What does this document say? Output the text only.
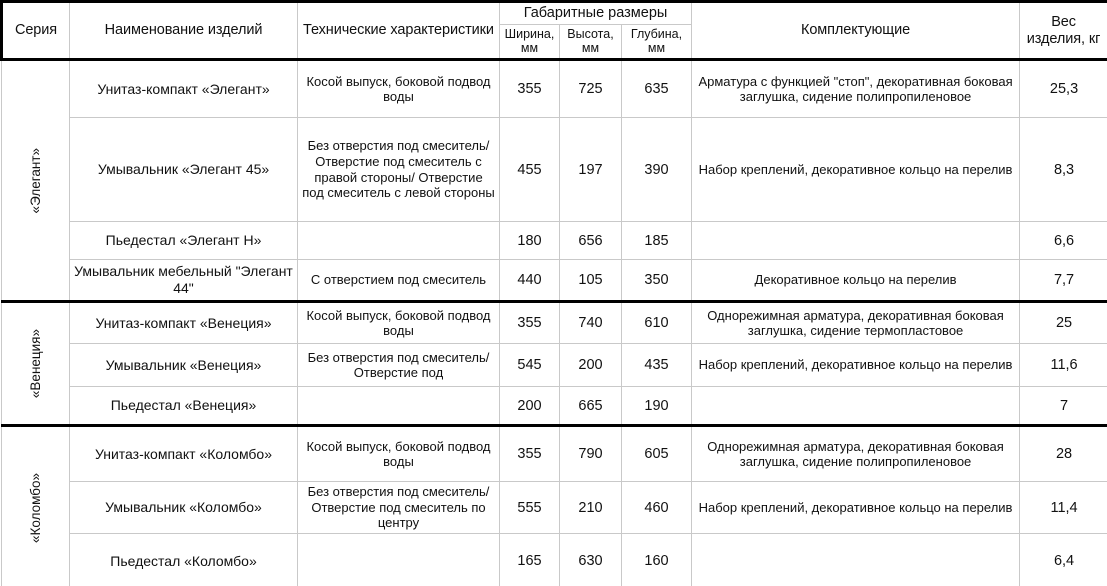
Серия	Наименование изделий	Технические характеристики	Габаритные размеры			Комплектующие	Вес изделия, кг
			Ширина, мм	Высота, мм	Глубина, мм		

«Элегант»	Унитаз-компакт «Элегант»	Косой выпуск, боковой подвод воды	355	725	635	Арматура с функцией "стоп", декоративная боковая заглушка, сидение полипропиленовое	25,3
	Умывальник «Элегант 45»	Без отверстия под смеситель/ Отверстие под смеситель с правой стороны/ Отверстие под смеситель с левой стороны	455	197	390	Набор креплений, декоративное кольцо на перелив	8,3
	Пьедестал «Элегант Н»		180	656	185		6,6
	Умывальник мебельный "Элегант 44"	С отверстием под смеситель	440	105	350	Декоративное кольцо на перелив	7,7

«Венеция»	Унитаз-компакт «Венеция»	Косой выпуск, боковой подвод воды	355	740	610	Однорежимная арматура, декоративная боковая заглушка, сидение термопластовое	25
	Умывальник «Венеция»	Без отверстия под смеситель/ Отверстие под	545	200	435	Набор креплений, декоративное кольцо на перелив	11,6
	Пьедестал «Венеция»		200	665	190		7

«Коломбо»	Унитаз-компакт «Коломбо»	Косой выпуск, боковой подвод воды	355	790	605	Однорежимная арматура, декоративная боковая заглушка, сидение полипропиленовое	28
	Умывальник «Коломбо»	Без отверстия под смеситель/ Отверстие под смеситель по центру	555	210	460	Набор креплений, декоративное кольцо на перелив	11,4
	Пьедестал «Коломбо»		165	630	160		6,4
